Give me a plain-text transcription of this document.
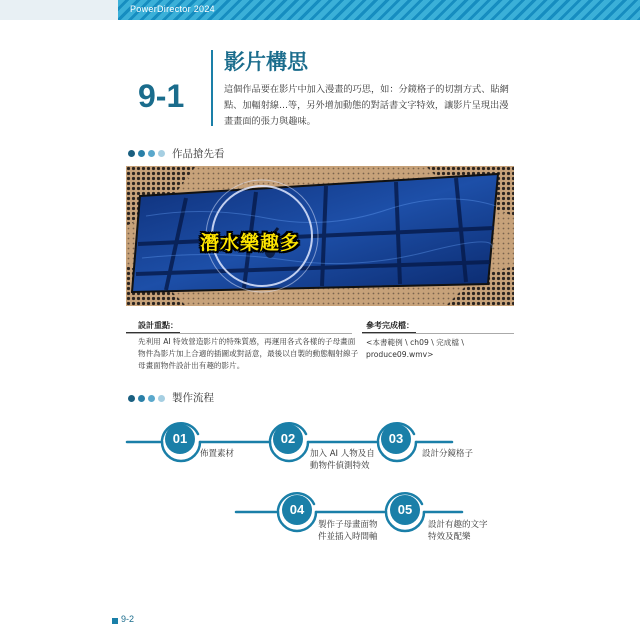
PowerDirector 2024
9-1
影片構思
這個作品要在影片中加入漫畫的巧思，如：分鏡格子的切割方式、貼網點、加輻射線...等，另外增加動態的對話書文字特效，讓影片呈現出漫畫畫面的張力與趣味。
作品搶先看
潛水樂趣多
設計重點：
先利用 AI 特效營造影片的特殊質感，再運用各式各樣的子母畫面物件為影片加上合適的插圖或對話意，最後以自製的動態輻射線子母畫面物件設計出有趣的影片。
參考完成檔：
<本書範例 \ ch09 \ 完成檔 \ produce09.wmv>
製作流程
01	02	03
04	05
佈置素材	加入 AI 人物及自動物件偵測特效
設計分鏡格子
製作子母畫面物件並插入時間軸
設計有趣的文字特效及配樂
9-2
